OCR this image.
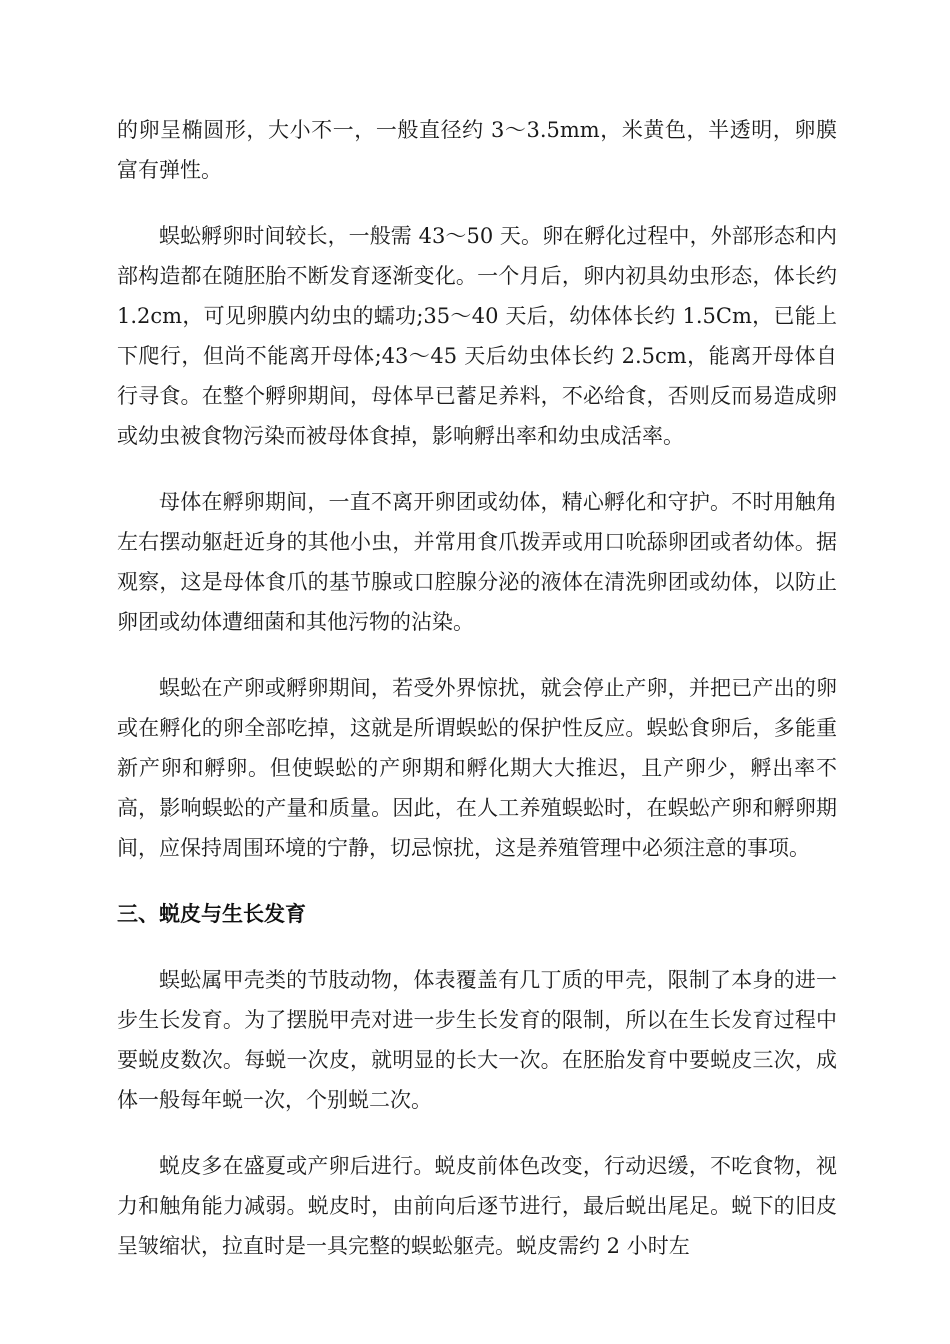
的卵呈椭圆形，大小不一，一般直径约 3～3.5mm，米黄色，半透明，卵膜富有弹性。

蜈蚣孵卵时间较长，一般需 43～50 天。卵在孵化过程中，外部形态和内部构造都在随胚胎不断发育逐渐变化。一个月后，卵内初具幼虫形态，体长约 1.2cm，可见卵膜内幼虫的蠕功;35～40 天后，幼体体长约 1.5Cm，已能上下爬行，但尚不能离开母体;43～45 天后幼虫体长约 2.5cm，能离开母体自行寻食。在整个孵卵期间，母体早已蓄足养料，不必给食，否则反而易造成卵或幼虫被食物污染而被母体食掉，影响孵出率和幼虫成活率。

母体在孵卵期间，一直不离开卵团或幼体，精心孵化和守护。不时用触角左右摆动躯赶近身的其他小虫，并常用食爪拨弄或用口吮舔卵团或者幼体。据观察，这是母体食爪的基节腺或口腔腺分泌的液体在清洗卵团或幼体，以防止卵团或幼体遭细菌和其他污物的沾染。

蜈蚣在产卵或孵卵期间，若受外界惊扰，就会停止产卵，并把已产出的卵或在孵化的卵全部吃掉，这就是所谓蜈蚣的保护性反应。蜈蚣食卵后，多能重新产卵和孵卵。但使蜈蚣的产卵期和孵化期大大推迟，且产卵少，孵出率不高，影响蜈蚣的产量和质量。因此，在人工养殖蜈蚣时，在蜈蚣产卵和孵卵期间，应保持周围环境的宁静，切忌惊扰，这是养殖管理中必须注意的事项。

三、蜕皮与生长发育

蜈蚣属甲壳类的节肢动物，体表覆盖有几丁质的甲壳，限制了本身的进一步生长发育。为了摆脱甲壳对进一步生长发育的限制，所以在生长发育过程中要蜕皮数次。每蜕一次皮，就明显的长大一次。在胚胎发育中要蜕皮三次，成体一般每年蜕一次，个别蜕二次。

蜕皮多在盛夏或产卵后进行。蜕皮前体色改变，行动迟缓，不吃食物，视力和触角能力减弱。蜕皮时，由前向后逐节进行，最后蜕出尾足。蜕下的旧皮呈皱缩状，拉直时是一具完整的蜈蚣躯壳。蜕皮需约 2 小时左
